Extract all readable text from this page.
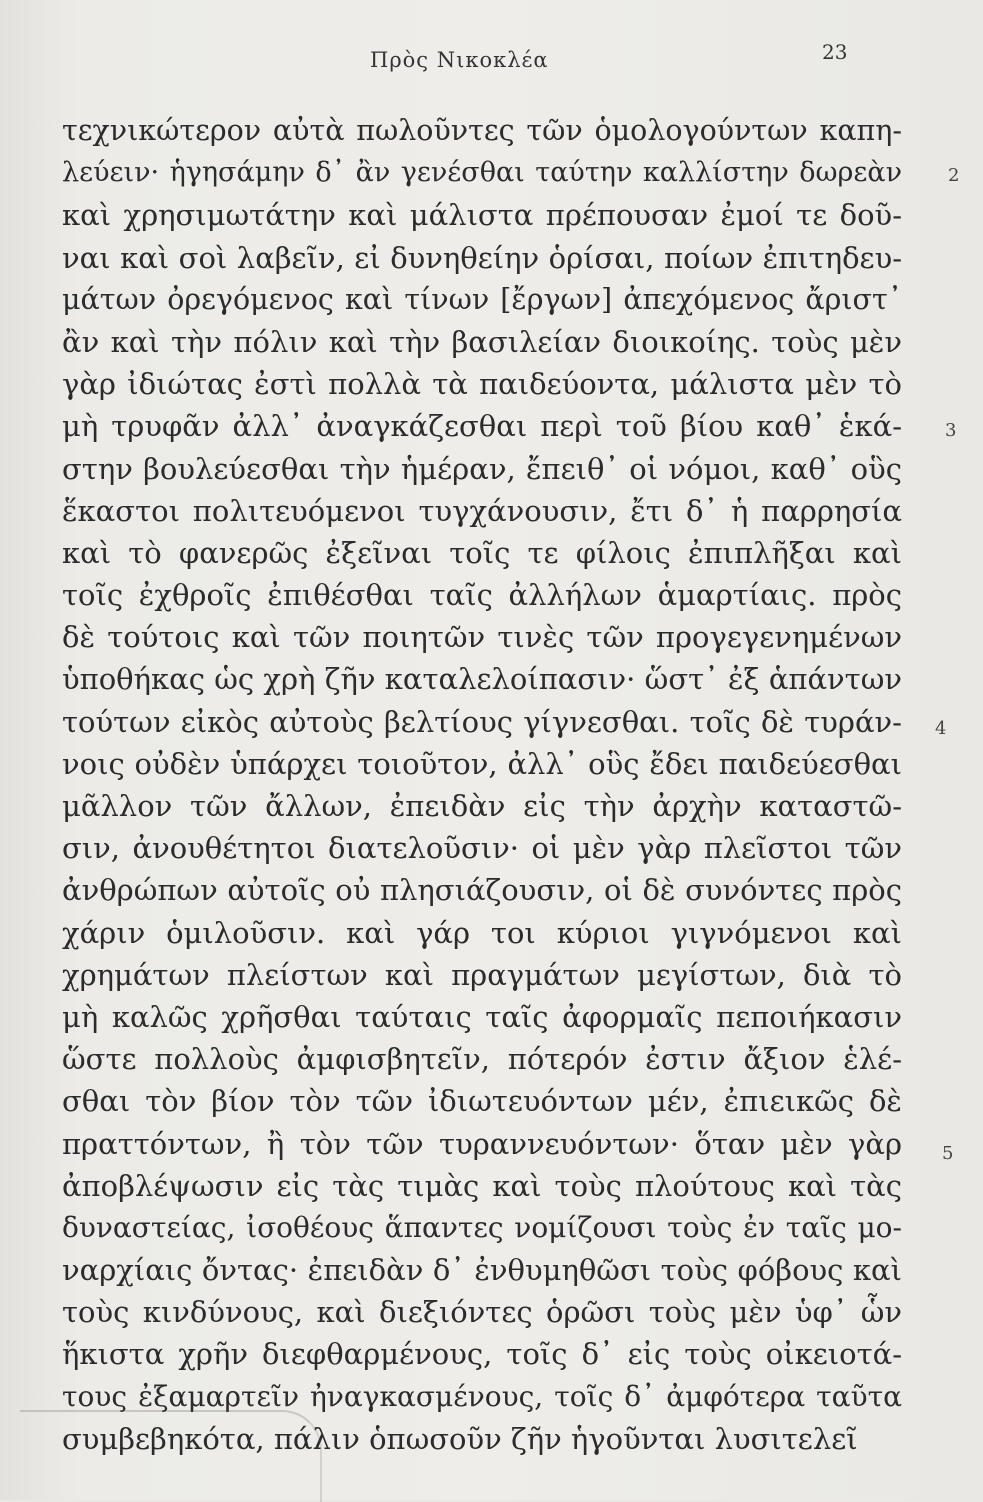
Πρὸς Νικοκλέα	23
2
3
4
5
τεχνικώτερον αὐτὰ πωλοῦντες τῶν ὁμολογούντων καπη-
λεύειν· ἡγησάμην δ᾽ ἂν γενέσθαι ταύτην καλλίστην δωρεὰν
καὶ χρησιμωτάτην καὶ μάλιστα πρέπουσαν ἐμοί τε δοῦ-
ναι καὶ σοὶ λαβεῖν, εἰ δυνηθείην ὁρίσαι, ποίων ἐπιτηδευ-
μάτων ὀρεγόμενος καὶ τίνων [ἔργων] ἀπεχόμενος ἄριστ᾽
ἂν καὶ τὴν πόλιν καὶ τὴν βασιλείαν διοικοίης. τοὺς μὲν
γὰρ ἰδιώτας ἐστὶ πολλὰ τὰ παιδεύοντα, μάλιστα μὲν τὸ
μὴ τρυφᾶν ἀλλ᾽ ἀναγκάζεσθαι περὶ τοῦ βίου καθ᾽ ἑκά-
στην βουλεύεσθαι τὴν ἡμέραν, ἔπειθ᾽ οἱ νόμοι, καθ᾽ οὓς
ἕκαστοι πολιτευόμενοι τυγχάνουσιν, ἔτι δ᾽ ἡ παρρησία
καὶ τὸ φανερῶς ἐξεῖναι τοῖς τε φίλοις ἐπιπλῆξαι καὶ
τοῖς ἐχθροῖς ἐπιθέσθαι ταῖς ἀλλήλων ἁμαρτίαις. πρὸς
δὲ τούτοις καὶ τῶν ποιητῶν τινὲς τῶν προγεγενημένων
ὑποθήκας ὡς χρὴ ζῆν καταλελοίπασιν· ὥστ᾽ ἐξ ἁπάντων
τούτων εἰκὸς αὐτοὺς βελτίους γίγνεσθαι. τοῖς δὲ τυράν-
νοις οὐδὲν ὑπάρχει τοιοῦτον, ἀλλ᾽ οὓς ἔδει παιδεύεσθαι
μᾶλλον τῶν ἄλλων, ἐπειδὰν εἰς τὴν ἀρχὴν καταστῶ-
σιν, ἀνουθέτητοι διατελοῦσιν· οἱ μὲν γὰρ πλεῖστοι τῶν
ἀνθρώπων αὐτοῖς οὐ πλησιάζουσιν, οἱ δὲ συνόντες πρὸς
χάριν ὁμιλοῦσιν. καὶ γάρ τοι κύριοι γιγνόμενοι καὶ
χρημάτων πλείστων καὶ πραγμάτων μεγίστων, διὰ τὸ
μὴ καλῶς χρῆσθαι ταύταις ταῖς ἀφορμαῖς πεποιήκασιν
ὥστε πολλοὺς ἀμφισβητεῖν, πότερόν ἐστιν ἄξιον ἑλέ-
σθαι τὸν βίον τὸν τῶν ἰδιωτευόντων μέν, ἐπιεικῶς δὲ
πραττόντων, ἢ τὸν τῶν τυραννευόντων· ὅταν μὲν γὰρ
ἀποβλέψωσιν εἰς τὰς τιμὰς καὶ τοὺς πλούτους καὶ τὰς
δυναστείας, ἰσοθέους ἅπαντες νομίζουσι τοὺς ἐν ταῖς μο-
ναρχίαις ὄντας· ἐπειδὰν δ᾽ ἐνθυμηθῶσι τοὺς φόβους καὶ
τοὺς κινδύνους, καὶ διεξιόντες ὁρῶσι τοὺς μὲν ὑφ᾽ ὧν
ἥκιστα χρῆν διεφθαρμένους, τοῖς δ᾽ εἰς τοὺς οἰκειοτά-
τους ἐξαμαρτεῖν ἠναγκασμένους, τοῖς δ᾽ ἀμφότερα ταῦτα
συμβεβηκότα, πάλιν ὁπωσοῦν ζῆν ἡγοῦνται λυσιτελεῖ
